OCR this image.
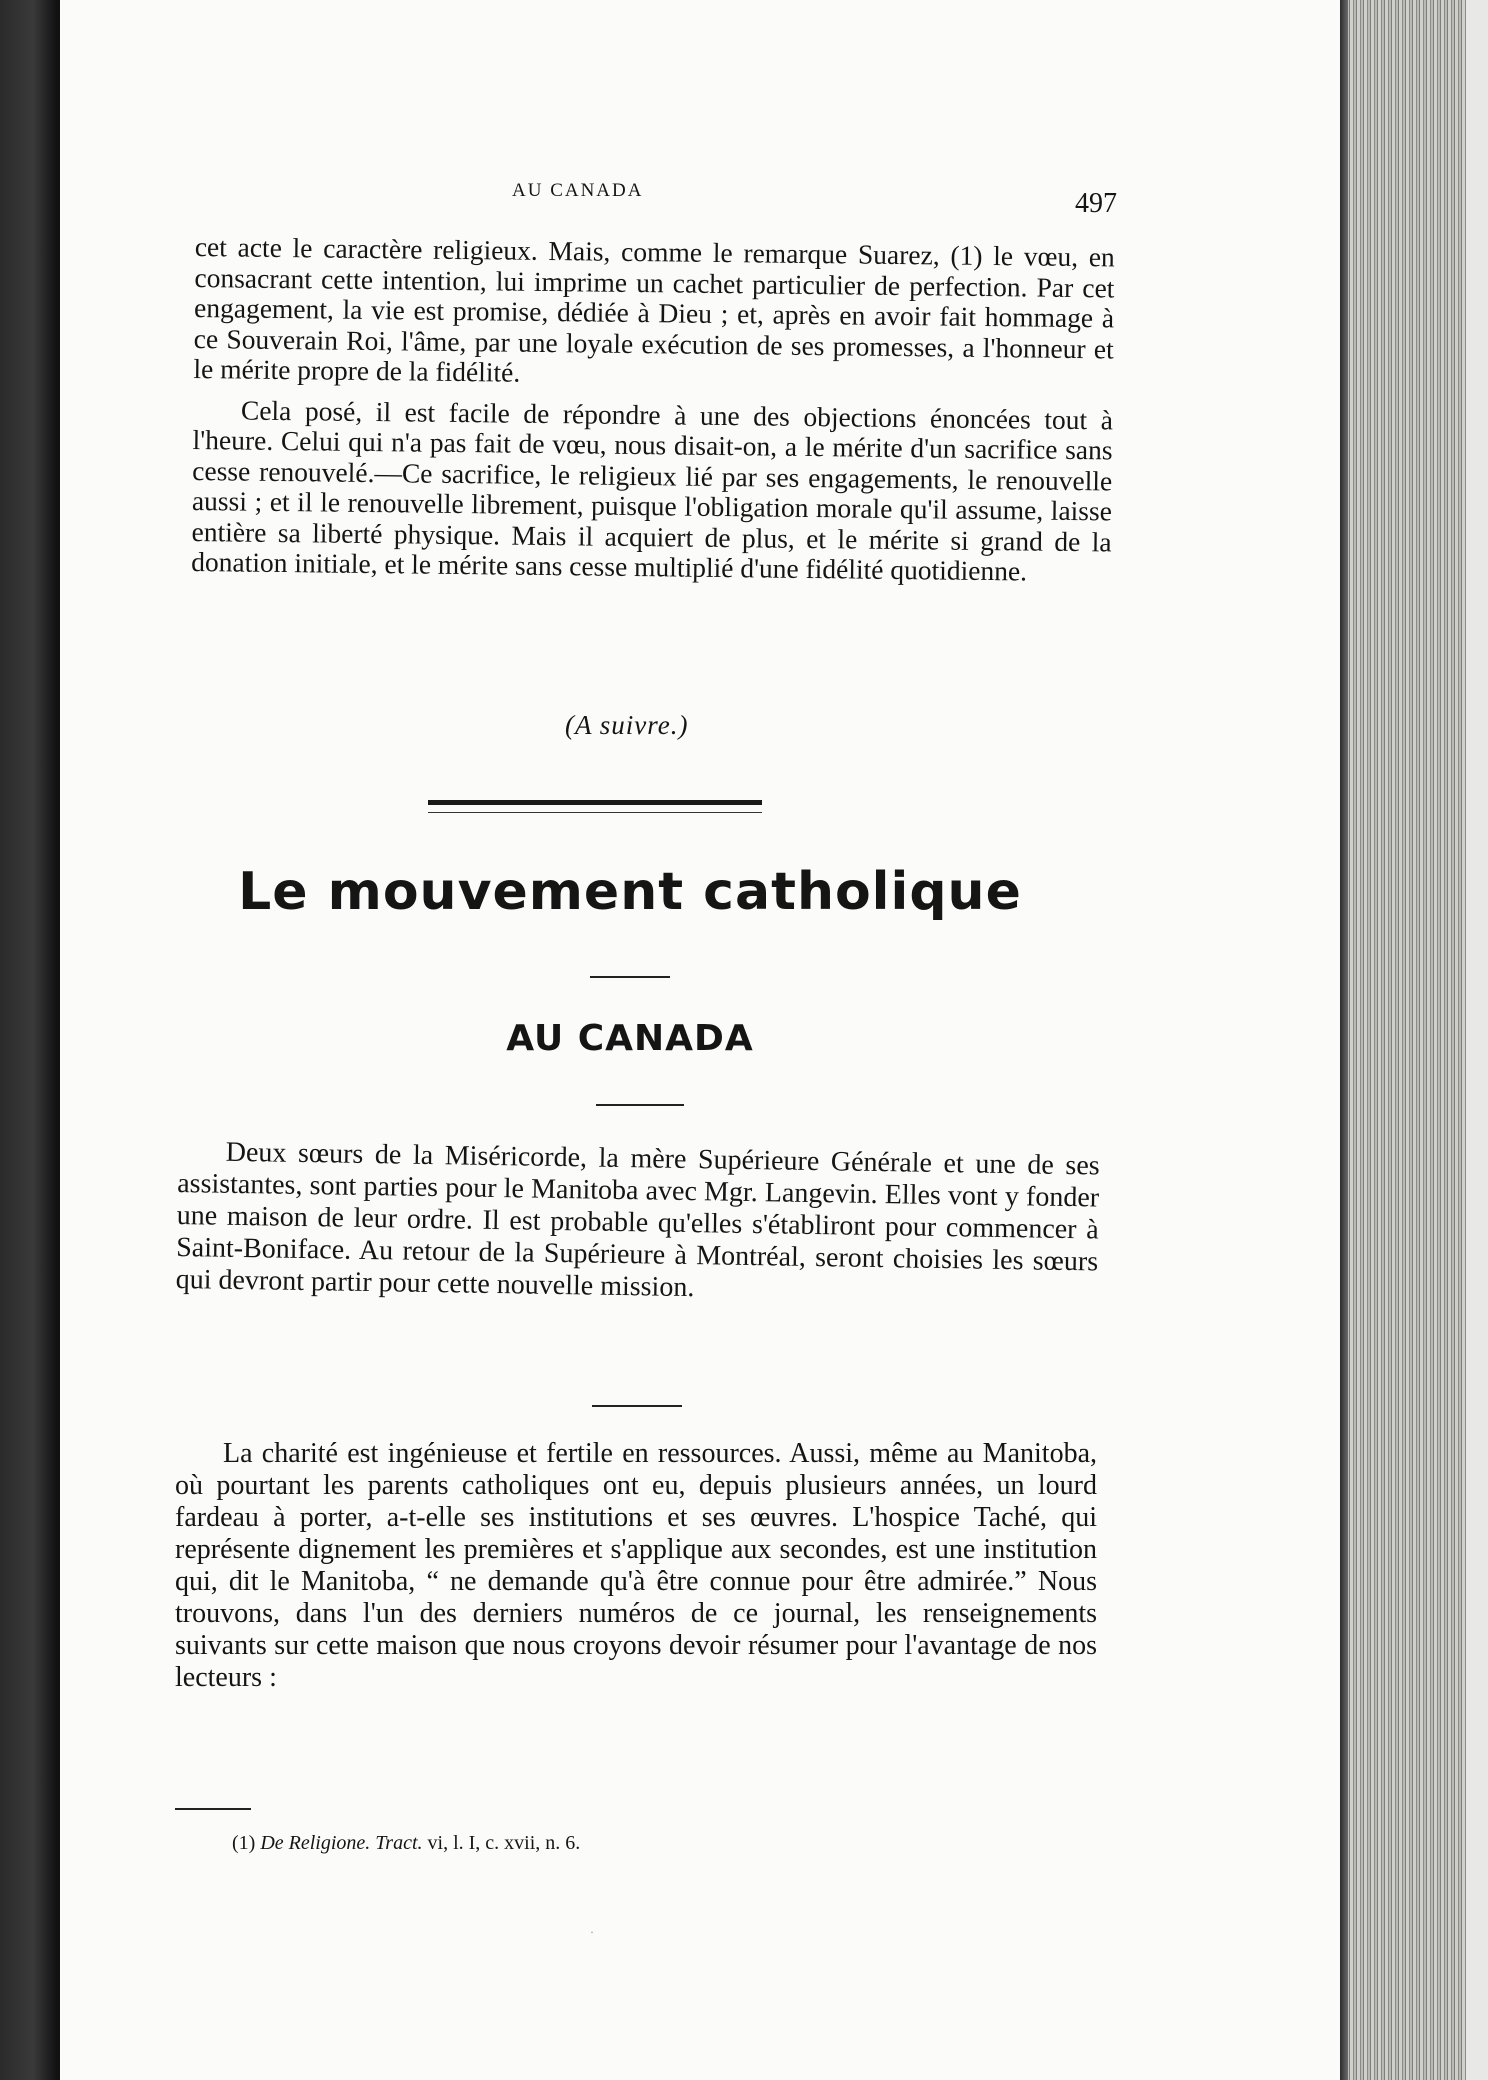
AU CANADA	497

cet acte le caractère religieux. Mais, comme le remarque Suarez, (1) le vœu, en consacrant cette intention, lui imprime un cachet particulier de perfection. Par cet engagement, la vie est promise, dédiée à Dieu ; et, après en avoir fait hommage à ce Souverain Roi, l'âme, par une loyale exécution de ses promesses, a l'honneur et le mérite propre de la fidélité.

Cela posé, il est facile de répondre à une des objections énoncées tout à l'heure. Celui qui n'a pas fait de vœu, nous disait-on, a le mérite d'un sacrifice sans cesse renouvelé.—Ce sacrifice, le religieux lié par ses engagements, le renouvelle aussi ; et il le renouvelle librement, puisque l'obligation morale qu'il assume, laisse entière sa liberté physique. Mais il acquiert de plus, et le mérite si grand de la donation initiale, et le mérite sans cesse multiplié d'une fidélité quotidienne.

(A suivre.)
Le mouvement catholique
AU CANADA

Deux sœurs de la Miséricorde, la mère Supérieure Générale et une de ses assistantes, sont parties pour le Manitoba avec Mgr. Langevin. Elles vont y fonder une maison de leur ordre. Il est probable qu'elles s'établiront pour commencer à Saint-Boniface. Au retour de la Supérieure à Montréal, seront choisies les sœurs qui devront partir pour cette nouvelle mission.

La charité est ingénieuse et fertile en ressources. Aussi, même au Manitoba, où pourtant les parents catholiques ont eu, depuis plusieurs années, un lourd fardeau à porter, a-t-elle ses institutions et ses œuvres. L'hospice Taché, qui représente dignement les premières et s'applique aux secondes, est une institution qui, dit le Manitoba, “ ne demande qu'à être connue pour être admirée.” Nous trouvons, dans l'un des derniers numéros de ce journal, les renseignements suivants sur cette maison que nous croyons devoir résumer pour l'avantage de nos lecteurs :

(1) De Religione. Tract. vi, l. I, c. xvii, n. 6.
·
